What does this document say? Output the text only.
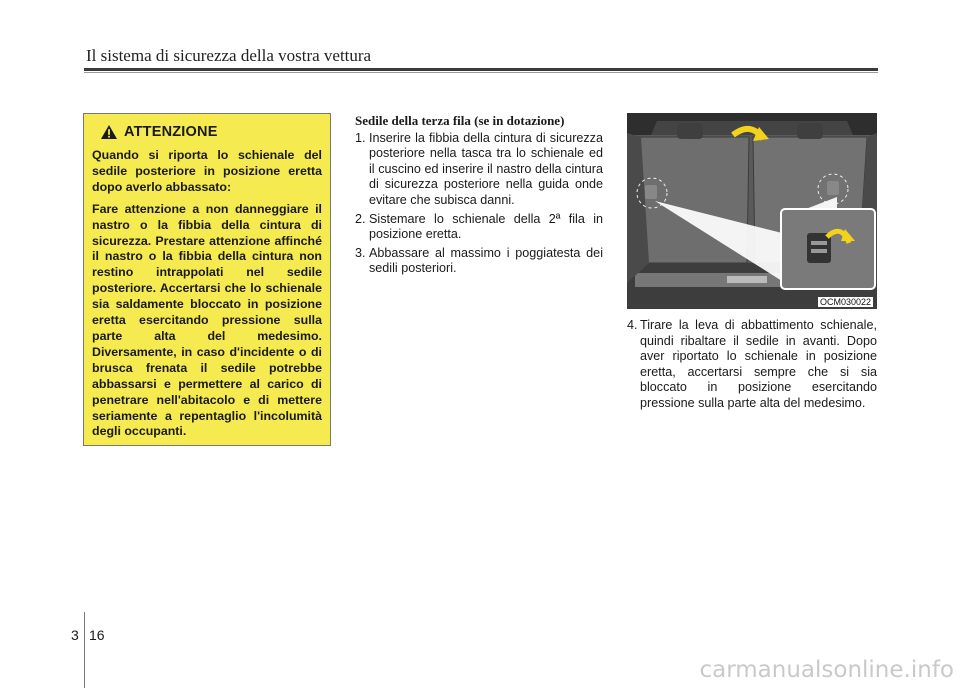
Il sistema di sicurezza della vostra vettura
ATTENZIONE

Quando si riporta lo schienale del sedile posteriore in posizione eretta dopo averlo abbassato:

Fare attenzione a non danneggiare il nastro o la fibbia della cintura di sicurezza. Prestare attenzione affinché il nastro o la fibbia della cintura non restino intrappolati nel sedile posteriore. Accertarsi che lo schienale sia saldamente bloccato in posizione eretta esercitando pressione sulla parte alta del medesimo. Diversamente, in caso d'incidente o di brusca frenata il sedile potrebbe abbassarsi e permettere al carico di penetrare nell'abitacolo e di mettere seriamente a repentaglio l'incolumità degli occupanti.

Sedile della terza fila (se in dotazione)
1. Inserire la fibbia della cintura di sicurezza posteriore nella tasca tra lo schienale ed il cuscino ed inserire il nastro della cintura di sicurezza posteriore nella guida onde evitare che subisca danni.
2. Sistemare lo schienale della 2ª fila in posizione eretta.
3. Abbassare al massimo i poggiatesta dei sedili posteriori.
OCM030022
4. Tirare la leva di abbattimento schienale, quindi ribaltare il sedile in avanti. Dopo aver riportato lo schienale in posizione eretta, accertarsi sempre che si sia bloccato in posizione esercitando pressione sulla parte alta del medesimo.
3 16
carmanualsonline.info
